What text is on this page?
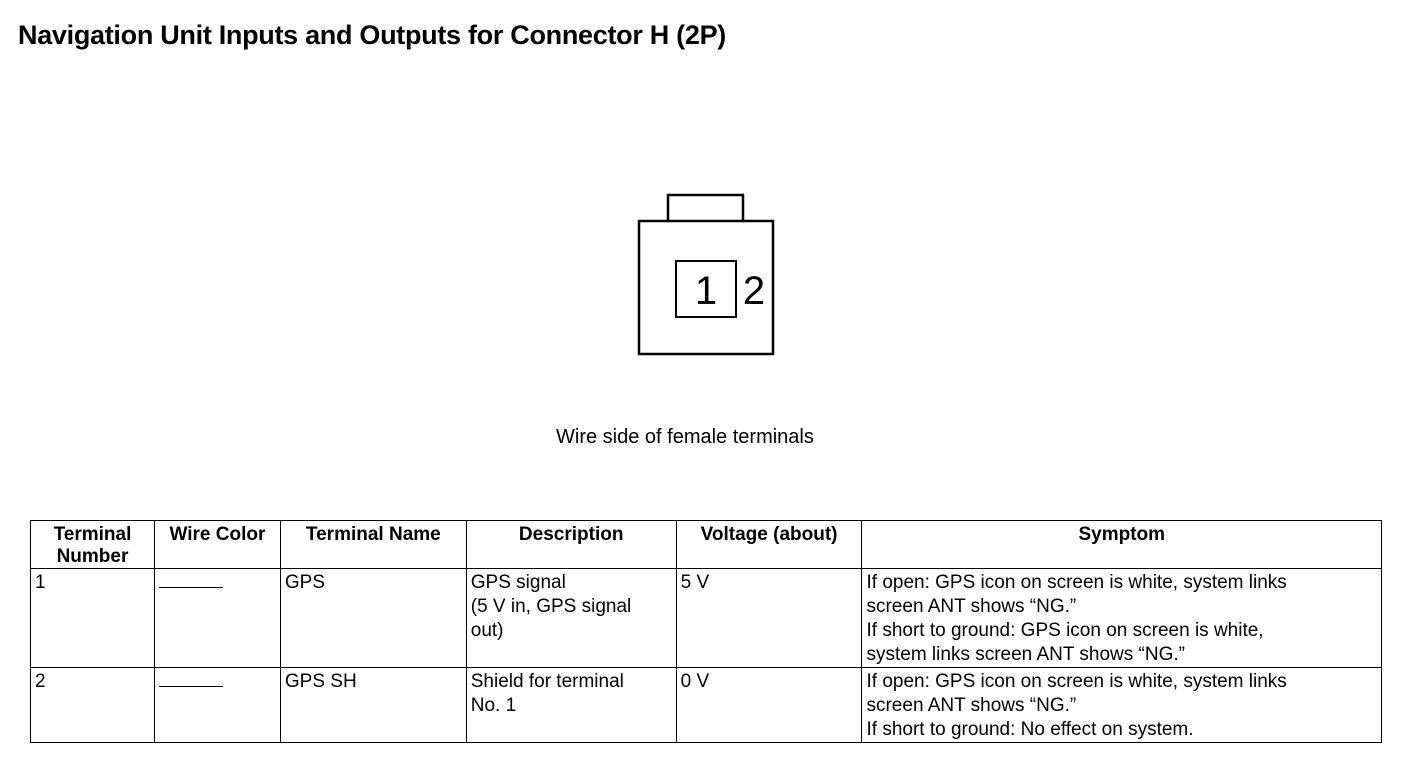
Navigation Unit Inputs and Outputs for Connector H (2P)
1 2
Wire side of female terminals
Terminal
Number	Wire Color	Terminal Name	Description	Voltage (about)	Symptom
1		GPS	GPS signal
(5 V in, GPS signal
out)	5 V	If open: GPS icon on screen is white, system links
screen ANT shows “NG.”
If short to ground: GPS icon on screen is white,
system links screen ANT shows “NG.”

2		GPS SH	Shield for terminal
No. 1	0 V	If open: GPS icon on screen is white, system links
screen ANT shows “NG.”
If short to ground: No effect on system.
